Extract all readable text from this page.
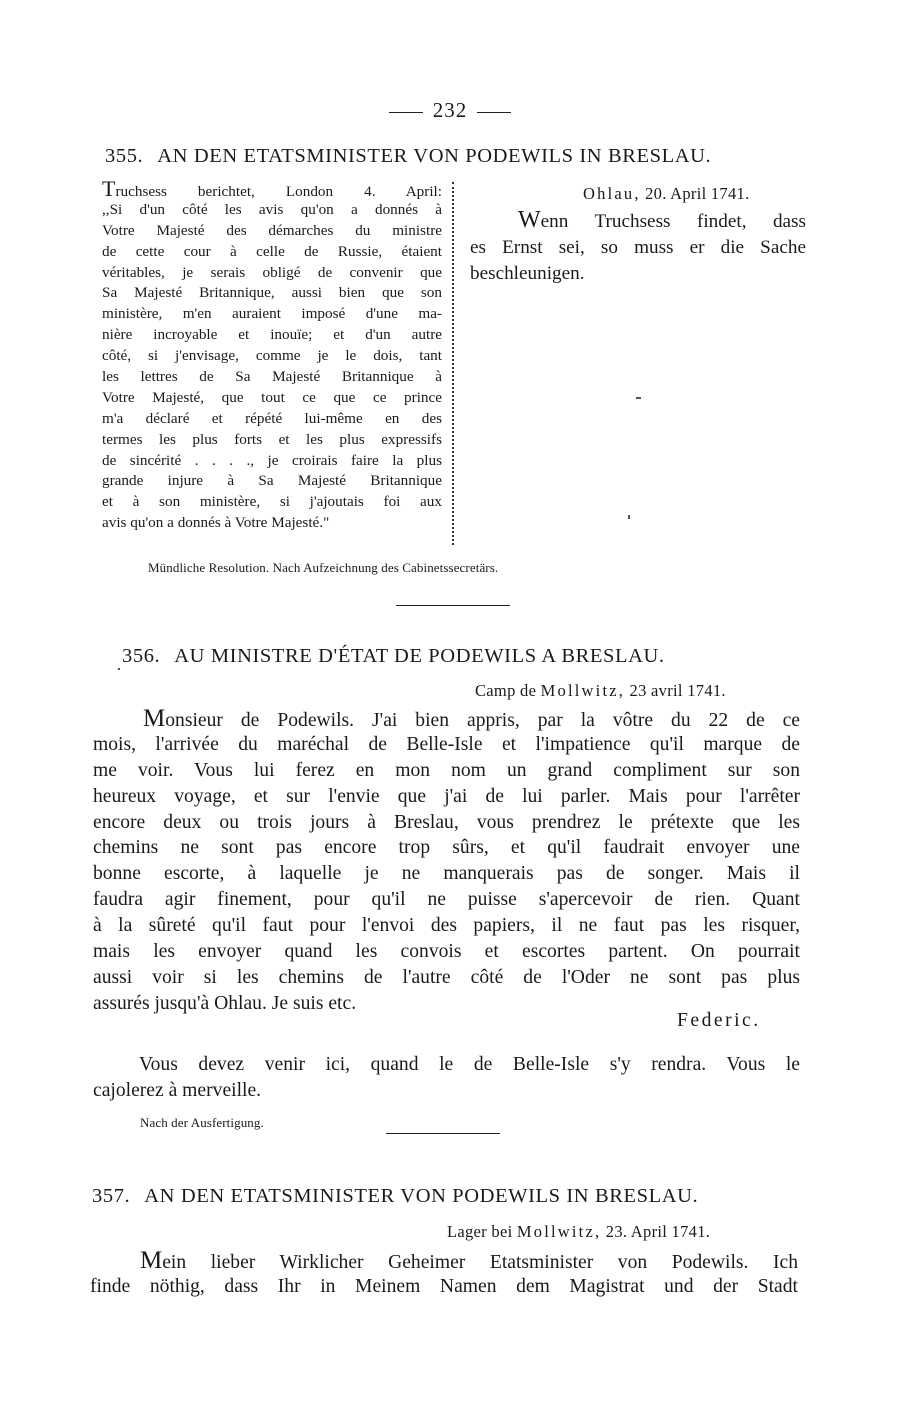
232
355. AN DEN ETATSMINISTER VON PODEWILS IN BRESLAU.
Truchsess berichtet, London 4. April:
,,Si d'un côté les avis qu'on a donnés à
Votre Majesté des démarches du ministre
de cette cour à celle de Russie, étaient
véritables, je serais obligé de convenir que
Sa Majesté Britannique, aussi bien que son
ministère, m'en auraient imposé d'une ma-
nière incroyable et inouïe; et d'un autre
côté, si j'envisage, comme je le dois, tant
les lettres de Sa Majesté Britannique à
Votre Majesté, que tout ce que ce prince
m'a déclaré et répété lui-même en des
termes les plus forts et les plus expressifs
de sincérité . . . ., je croirais faire la plus
grande injure à Sa Majesté Britannique
et à son ministère, si j'ajoutais foi aux
avis qu'on a donnés à Votre Majesté."
Ohlau, 20. April 1741.
Wenn Truchsess findet, dass
es Ernst sei, so muss er die Sache
beschleunigen.
Mündliche Resolution. Nach Aufzeichnung des Cabinetssecretärs.
356. AU MINISTRE D'ÉTAT DE PODEWILS A BRESLAU.
Camp de Mollwitz, 23 avril 1741.
Monsieur de Podewils. J'ai bien appris, par la vôtre du 22 de ce
mois, l'arrivée du maréchal de Belle-Isle et l'impatience qu'il marque de
me voir. Vous lui ferez en mon nom un grand compliment sur son
heureux voyage, et sur l'envie que j'ai de lui parler. Mais pour l'arrêter
encore deux ou trois jours à Breslau, vous prendrez le prétexte que les
chemins ne sont pas encore trop sûrs, et qu'il faudrait envoyer une
bonne escorte, à laquelle je ne manquerais pas de songer. Mais il
faudra agir finement, pour qu'il ne puisse s'apercevoir de rien. Quant
à la sûreté qu'il faut pour l'envoi des papiers, il ne faut pas les risquer,
mais les envoyer quand les convois et escortes partent. On pourrait
aussi voir si les chemins de l'autre côté de l'Oder ne sont pas plus
assurés jusqu'à Ohlau. Je suis etc.
Federic.
Vous devez venir ici, quand le de Belle-Isle s'y rendra. Vous le
cajolerez à merveille.
Nach der Ausfertigung.
357. AN DEN ETATSMINISTER VON PODEWILS IN BRESLAU.
Lager bei Mollwitz, 23. April 1741.
Mein lieber Wirklicher Geheimer Etatsminister von Podewils. Ich
finde nöthig, dass Ihr in Meinem Namen dem Magistrat und der Stadt
